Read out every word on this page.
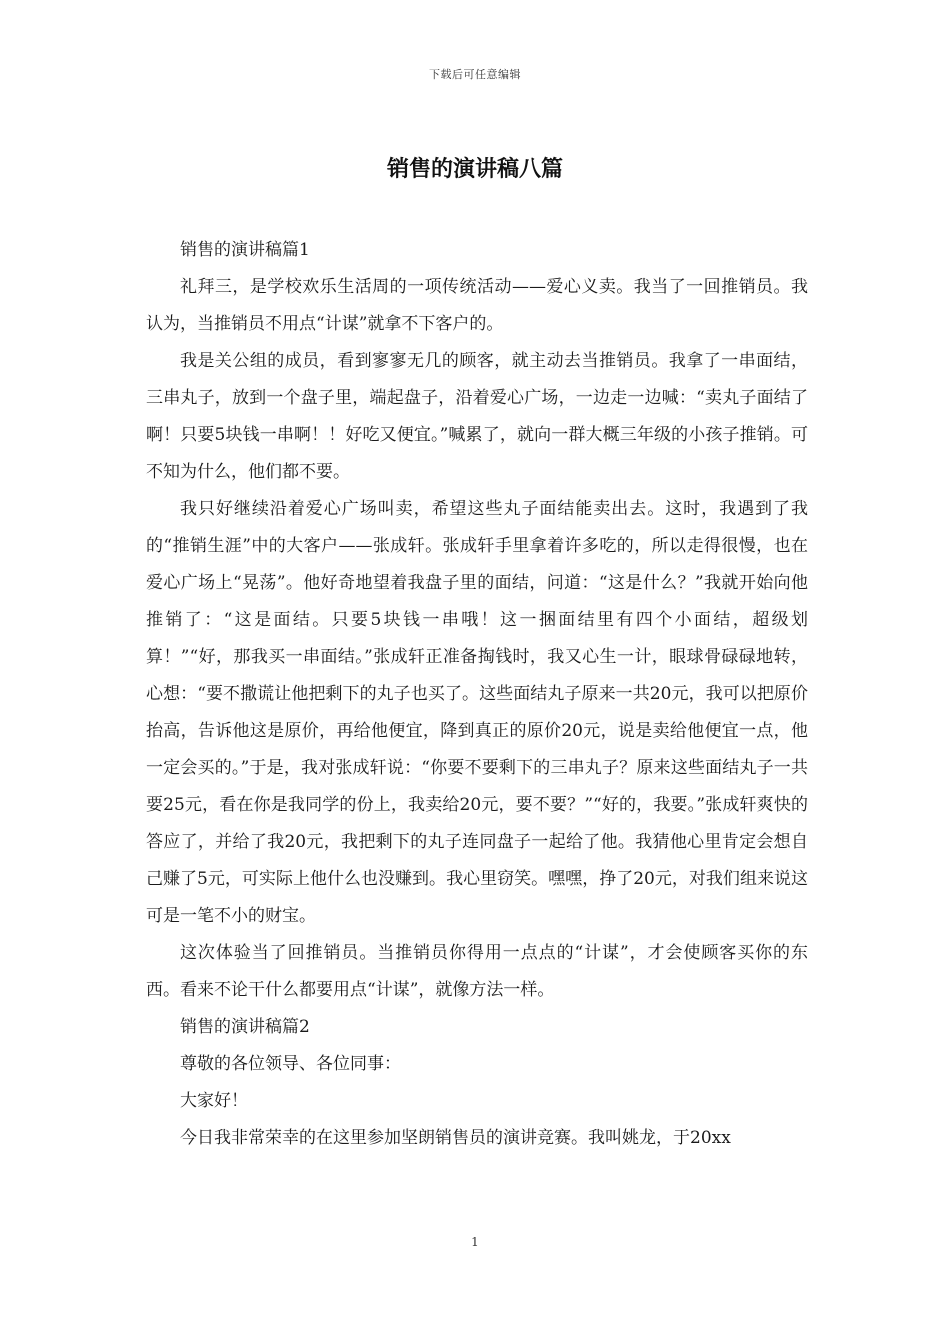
下载后可任意编辑
销售的演讲稿八篇

销售的演讲稿篇1

礼拜三，是学校欢乐生活周的一项传统活动——爱心义卖。我当了一回推销员。我认为，当推销员不用点“计谋”就拿不下客户的。

我是关公组的成员，看到寥寥无几的顾客，就主动去当推销员。我拿了一串面结，三串丸子，放到一个盘子里，端起盘子，沿着爱心广场，一边走一边喊：“卖丸子面结了啊！只要5块钱一串啊！！好吃又便宜。”喊累了，就向一群大概三年级的小孩子推销。可不知为什么，他们都不要。

我只好继续沿着爱心广场叫卖，希望这些丸子面结能卖出去。这时，我遇到了我的“推销生涯”中的大客户——张成轩。张成轩手里拿着许多吃的，所以走得很慢，也在爱心广场上“晃荡”。他好奇地望着我盘子里的面结，问道：“这是什么？”我就开始向他推销了：“这是面结。只要5块钱一串哦！这一捆面结里有四个小面结，超级划算！”“好，那我买一串面结。”张成轩正准备掏钱时，我又心生一计，眼球骨碌碌地转，心想：“要不撒谎让他把剩下的丸子也买了。这些面结丸子原来一共20元，我可以把原价抬高，告诉他这是原价，再给他便宜，降到真正的原价20元，说是卖给他便宜一点，他一定会买的。”于是，我对张成轩说：“你要不要剩下的三串丸子？原来这些面结丸子一共要25元，看在你是我同学的份上，我卖给20元，要不要？”“好的，我要。”张成轩爽快的答应了，并给了我20元，我把剩下的丸子连同盘子一起给了他。我猜他心里肯定会想自己赚了5元，可实际上他什么也没赚到。我心里窃笑。嘿嘿，挣了20元，对我们组来说这可是一笔不小的财宝。

这次体验当了回推销员。当推销员你得用一点点的“计谋”，才会使顾客买你的东西。看来不论干什么都要用点“计谋”，就像方法一样。

销售的演讲稿篇2

尊敬的各位领导、各位同事：

大家好！

今日我非常荣幸的在这里参加坚朗销售员的演讲竞赛。我叫姚龙，于20xx

1
